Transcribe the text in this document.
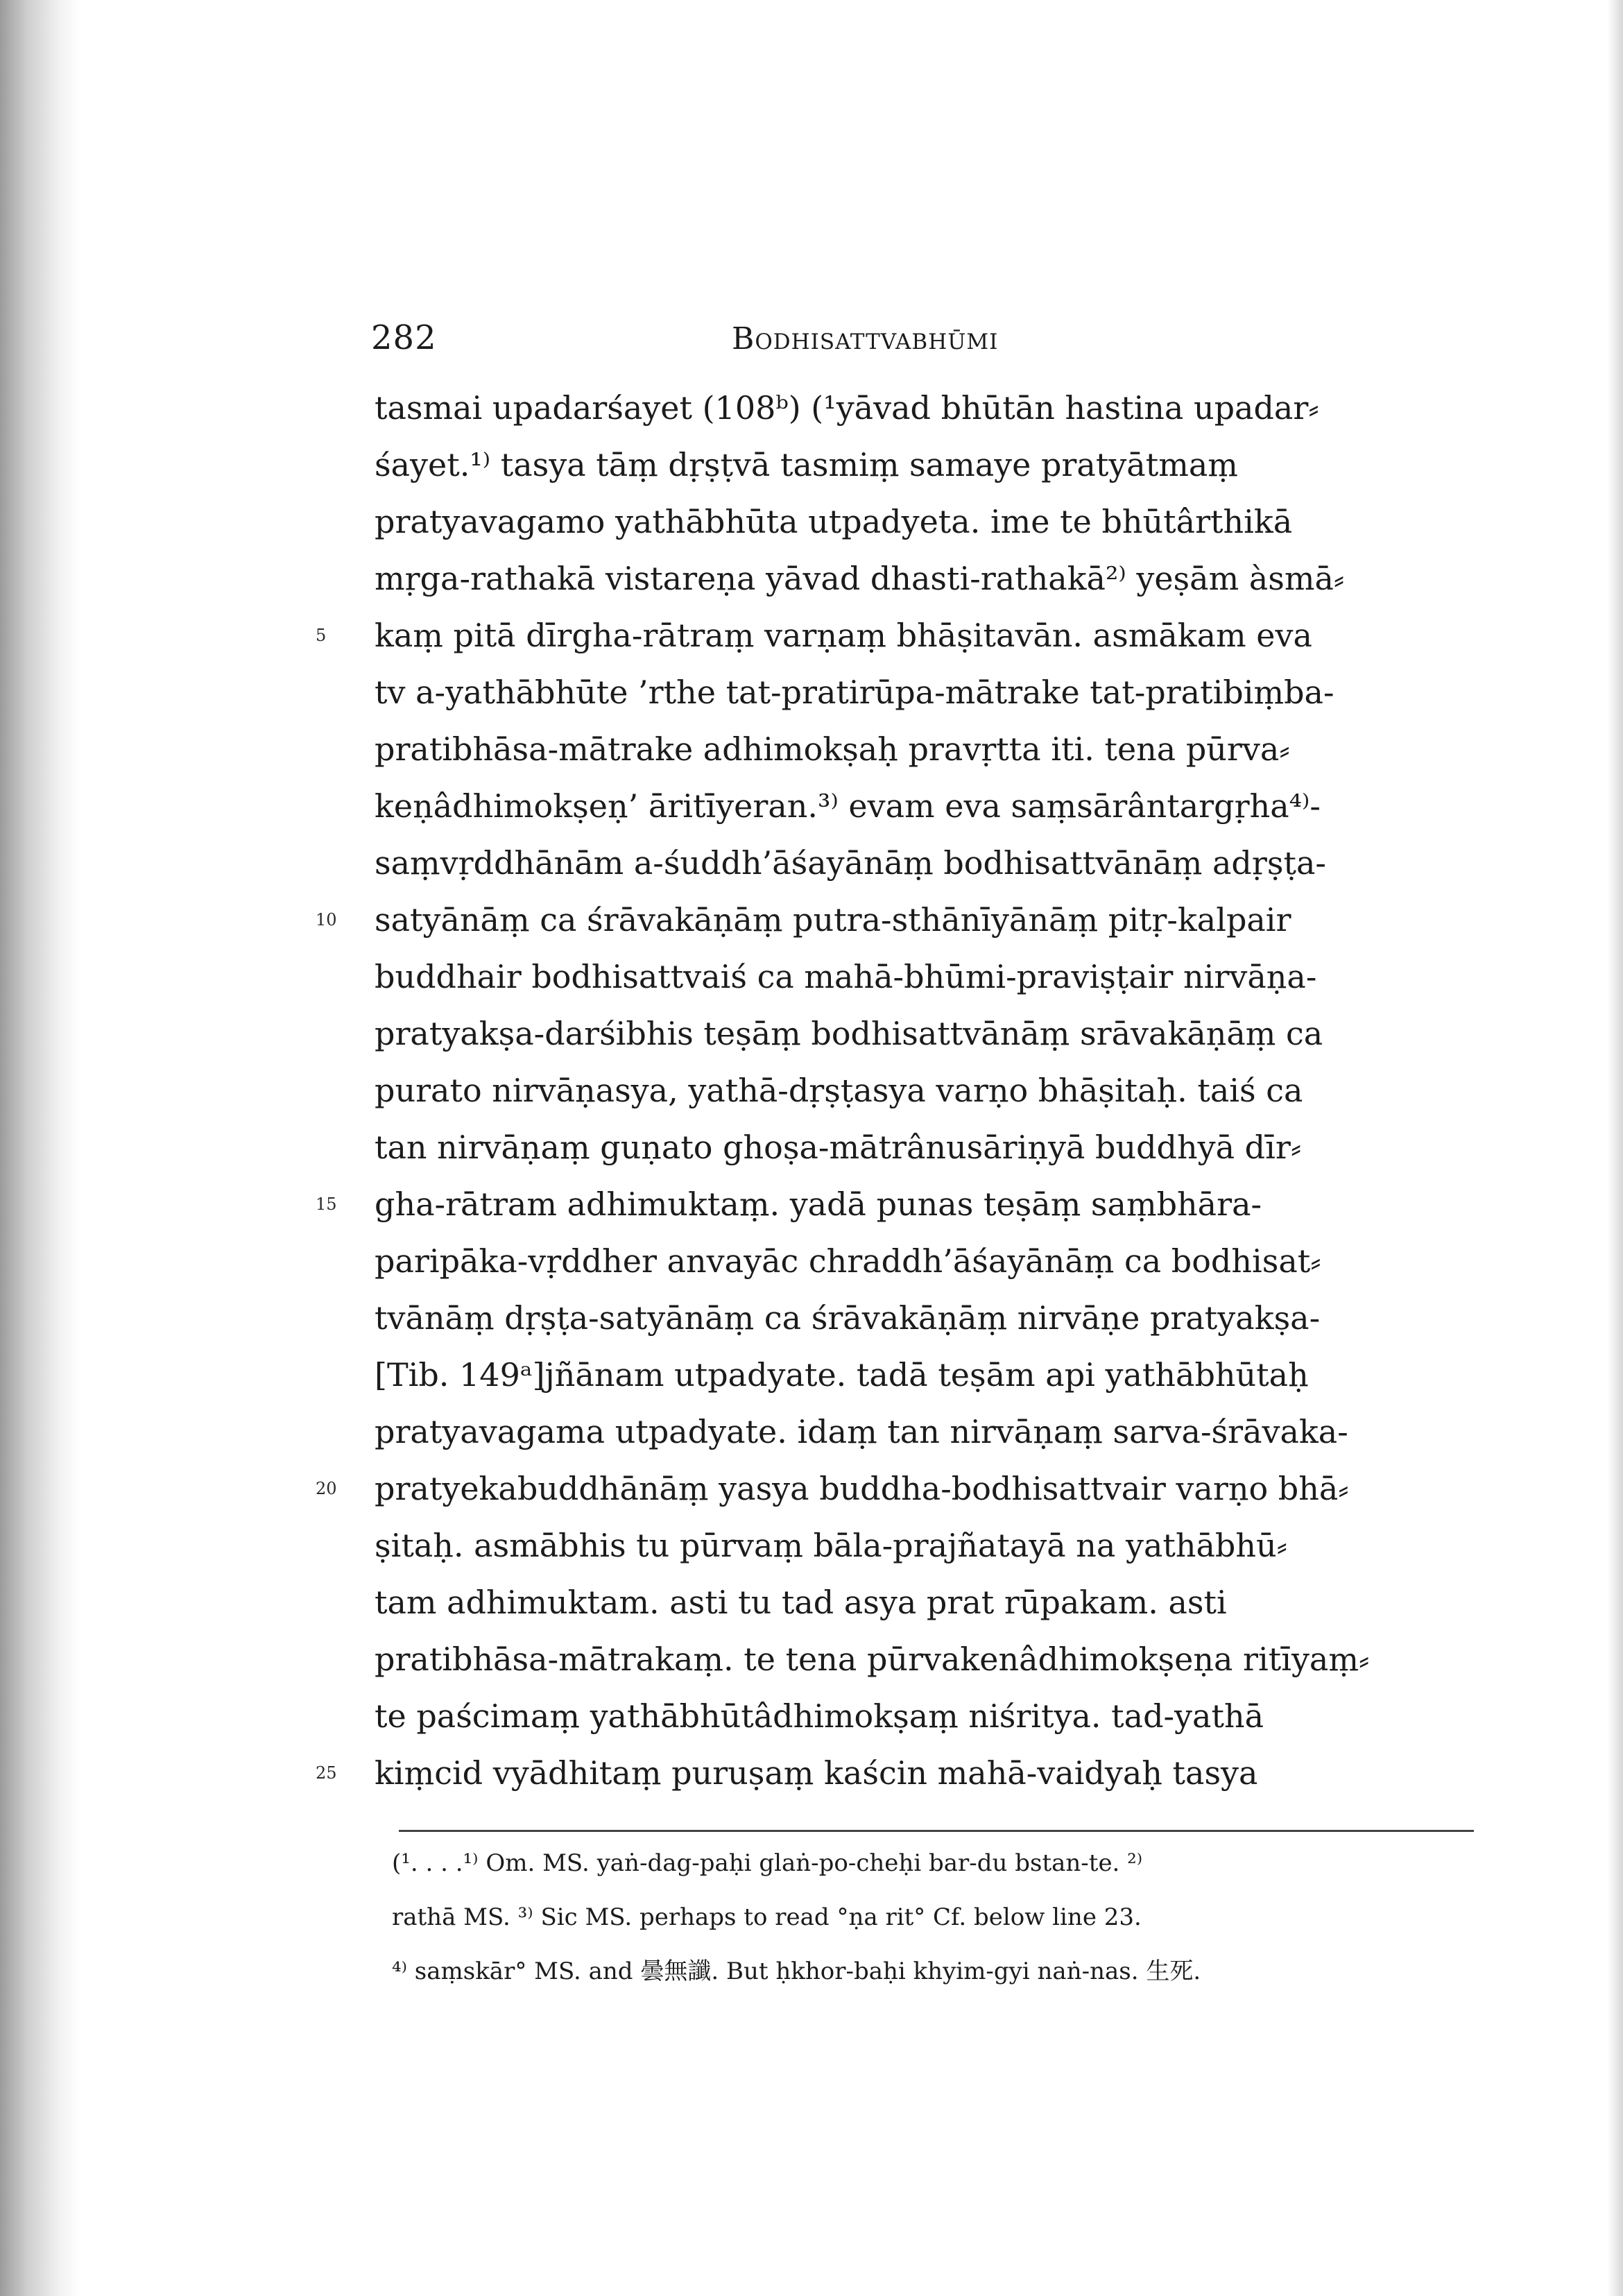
282	Bodhisattvabhūmi
tasmai upadarśayet (108ᵇ) (¹yāvad bhūtān hastina upadar⸗
śayet.¹⁾ tasya tāṃ dṛṣṭvā tasmiṃ samaye pratyātmaṃ
pratyavagamo yathābhūta utpadyeta. ime te bhūtârthikā
mṛga-rathakā vistareṇa yāvad dhasti-rathakā²⁾ yeṣām àsmā⸗
5	kaṃ pitā dīrgha-rātraṃ varṇaṃ bhāṣitavān. asmākam eva
tv a-yathābhūte ’rthe tat-pratirūpa-mātrake tat-pratibiṃba-
pratibhāsa-mātrake adhimokṣaḥ pravṛtta iti. tena pūrva⸗
keṇâdhimokṣeṇ’ āritīyeran.³⁾ evam eva saṃsārântargṛha⁴⁾-
saṃvṛddhānām a-śuddh’āśayānāṃ bodhisattvānāṃ adṛṣṭa-
10	satyānāṃ ca śrāvakāṇāṃ putra-sthānīyānāṃ pitṛ-kalpair
buddhair bodhisattvaiś ca mahā-bhūmi-praviṣṭair nirvāṇa-
pratyakṣa-darśibhis teṣāṃ bodhisattvānāṃ srāvakāṇāṃ ca
purato nirvāṇasya, yathā-dṛṣṭasya varṇo bhāṣitaḥ. taiś ca
tan nirvāṇaṃ guṇato ghoṣa-mātrânusāriṇyā buddhyā dīr⸗
15	gha-rātram adhimuktaṃ. yadā punas teṣāṃ saṃbhāra-
paripāka-vṛddher anvayāc chraddh’āśayānāṃ ca bodhisat⸗
tvānāṃ dṛṣṭa-satyānāṃ ca śrāvakāṇāṃ nirvāṇe pratyakṣa-
[Tib. 149ᵃ]jñānam utpadyate. tadā teṣām api yathābhūtaḥ
pratyavagama utpadyate. idaṃ tan nirvāṇaṃ sarva-śrāvaka-
20	pratyekabuddhānāṃ yasya buddha-bodhisattvair varṇo bhā⸗
ṣitaḥ. asmābhis tu pūrvaṃ bāla-prajñatayā na yathābhū⸗
tam adhimuktam. asti tu tad asya prat rūpakam. asti
pratibhāsa-mātrakaṃ. te tena pūrvakenâdhimokṣeṇa ritīyaṃ⸗
te paścimaṃ yathābhūtâdhimokṣaṃ niśritya. tad-yathā
25	kiṃcid vyādhitaṃ puruṣaṃ kaścin mahā-vaidyaḥ tasya
(¹. . . .¹⁾ Om. MS. yaṅ-dag-paḥi glaṅ-po-cheḥi bar-du bstan-te. ²⁾
rathā MS. ³⁾ Sic MS. perhaps to read °ṇa rit° Cf. below line 23.
⁴⁾ saṃskār° MS. and 曇無讖. But ḥkhor-baḥi khyim-gyi naṅ-nas. 生死.
